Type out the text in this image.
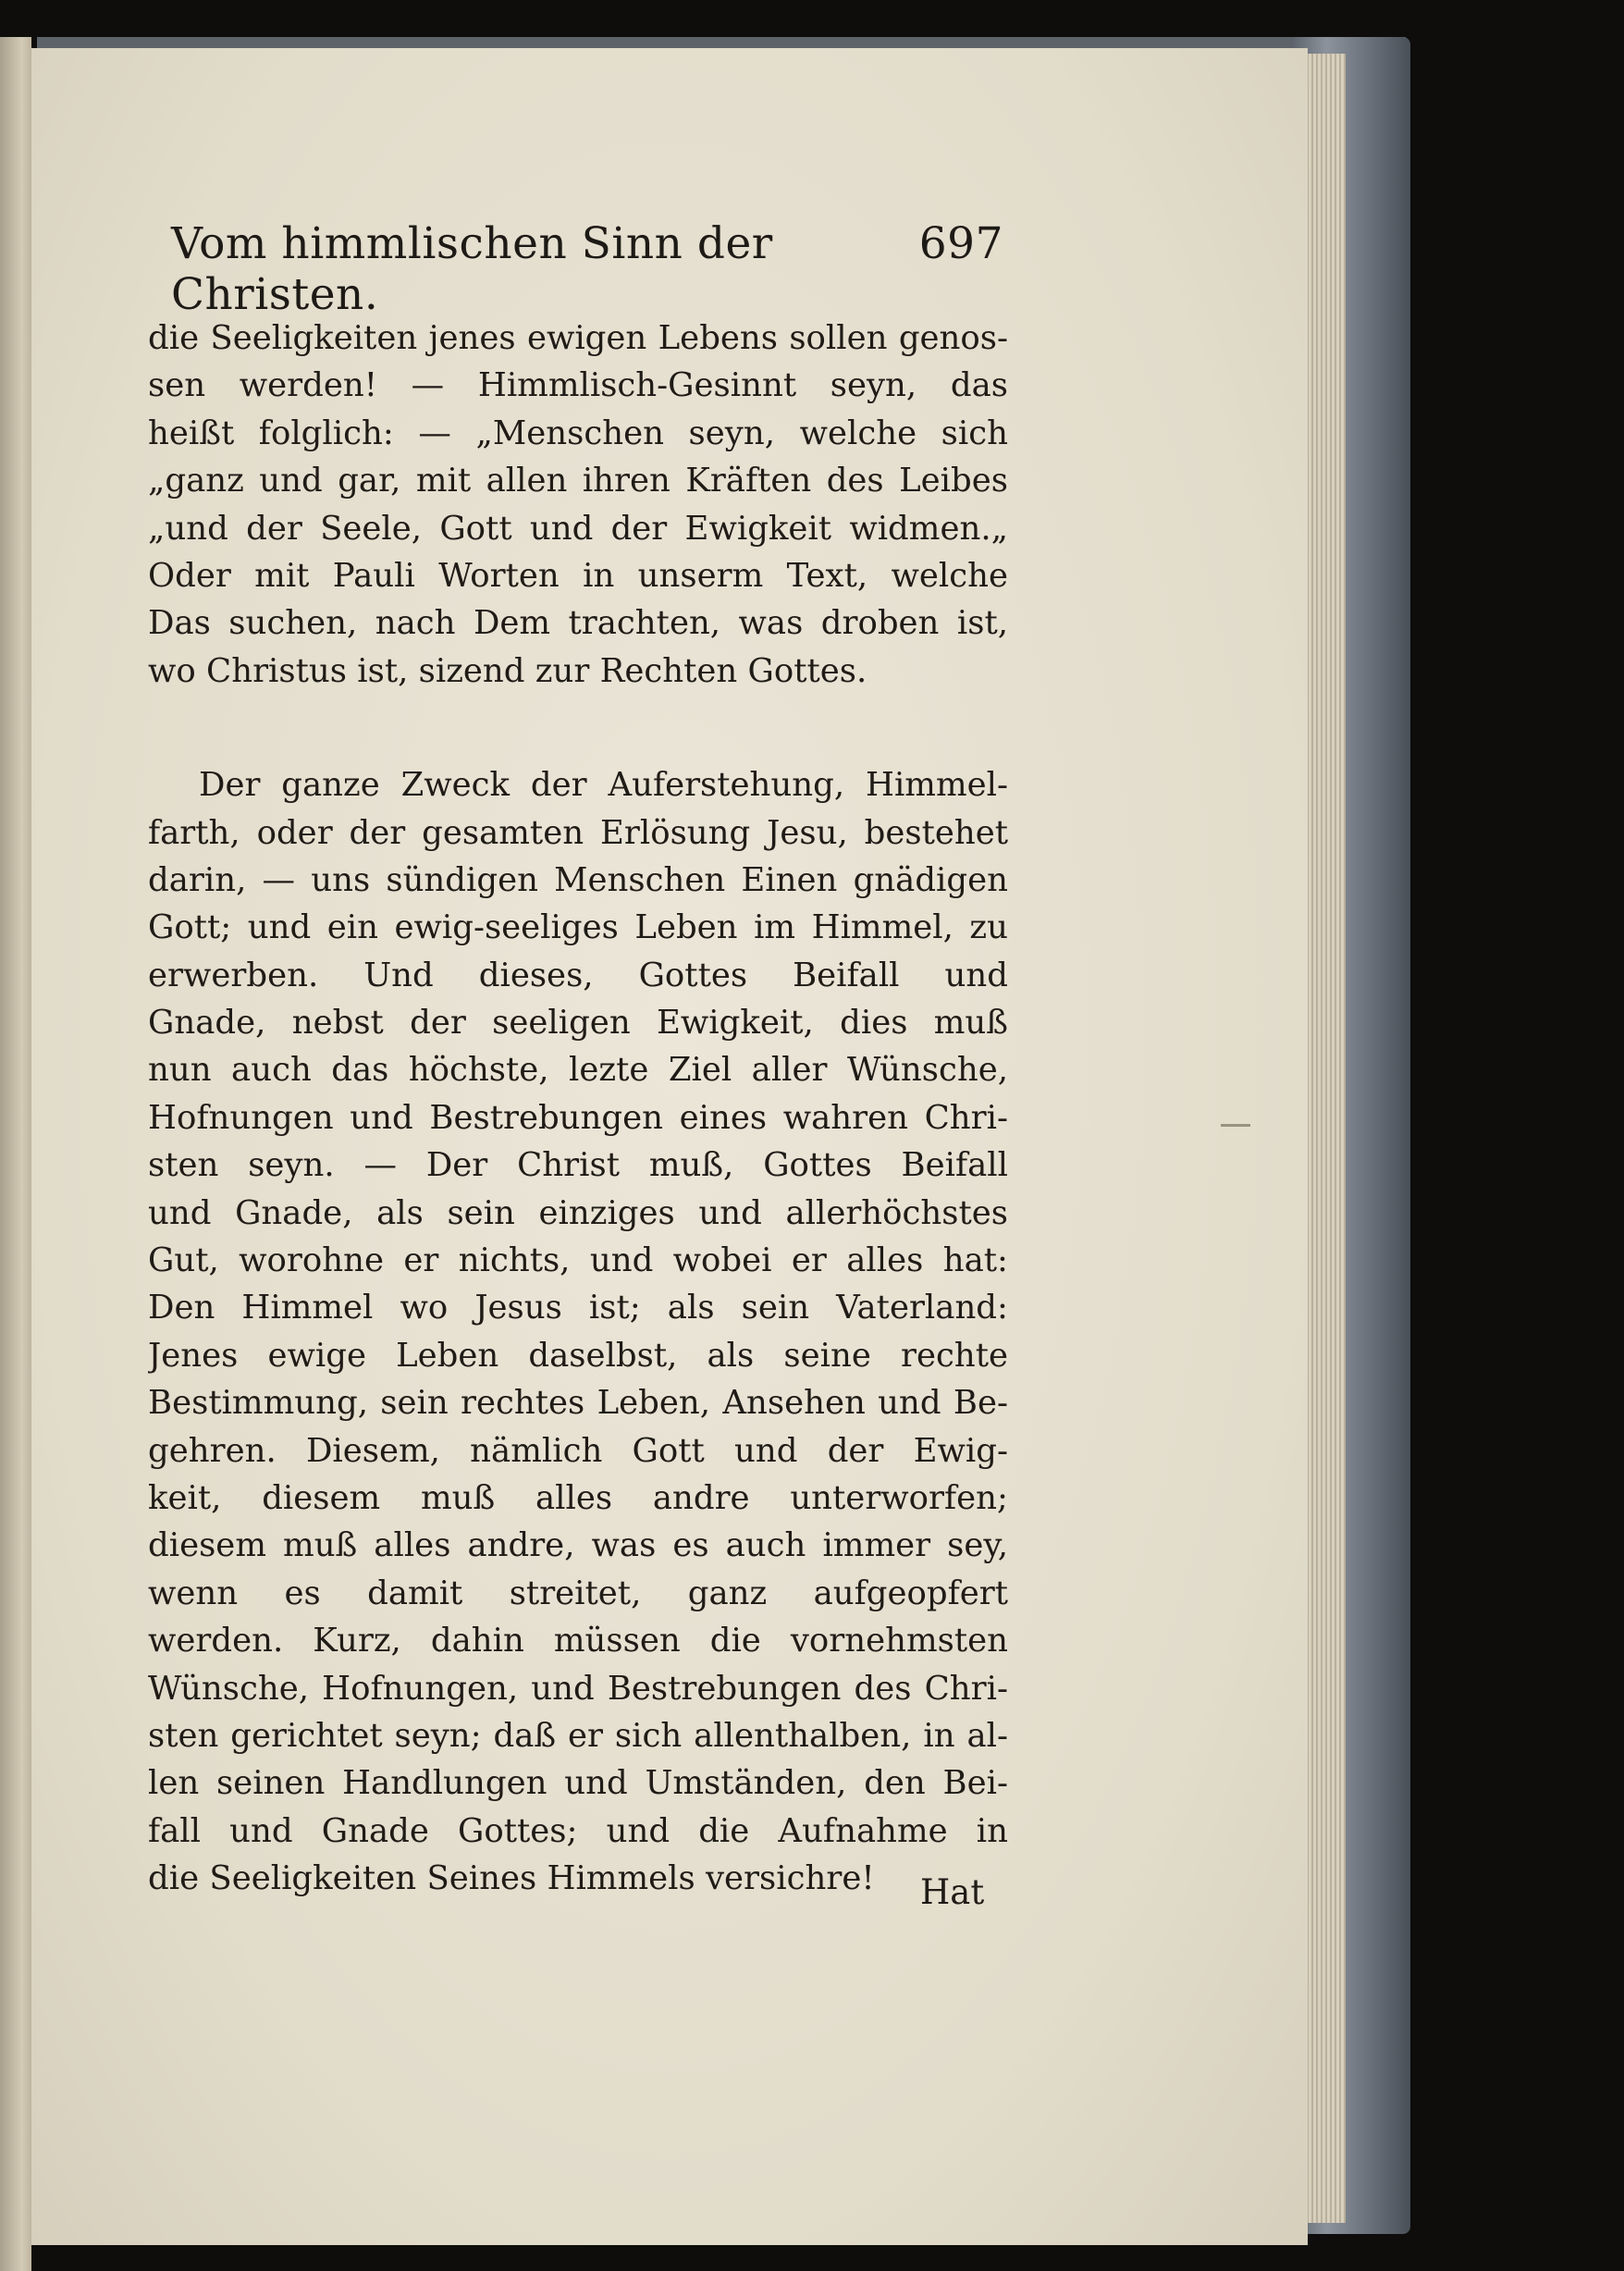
Vom himmlischen Sinn der Christen.
697
die Seeligkeiten jenes ewigen Lebens sollen genos-
sen werden! — Himmlisch-Gesinnt seyn, das
heißt folglich: — „Menschen seyn, welche sich
„ganz und gar, mit allen ihren Kräften des Leibes
„und der Seele, Gott und der Ewigkeit widmen.„
Oder mit Pauli Worten in unserm Text, welche
Das suchen, nach Dem trachten, was droben ist,
wo Christus ist, sizend zur Rechten Gottes.
Der ganze Zweck der Auferstehung, Himmel-
farth, oder der gesamten Erlösung Jesu, bestehet
darin, — uns sündigen Menschen Einen gnädigen
Gott; und ein ewig-seeliges Leben im Himmel, zu
erwerben. Und dieses, Gottes Beifall und
Gnade, nebst der seeligen Ewigkeit, dies muß
nun auch das höchste, lezte Ziel aller Wünsche,
Hofnungen und Bestrebungen eines wahren Chri-
sten seyn. — Der Christ muß, Gottes Beifall
und Gnade, als sein einziges und allerhöchstes
Gut, worohne er nichts, und wobei er alles hat:
Den Himmel wo Jesus ist; als sein Vaterland:
Jenes ewige Leben daselbst, als seine rechte
Bestimmung, sein rechtes Leben, Ansehen und Be-
gehren. Diesem, nämlich Gott und der Ewig-
keit, diesem muß alles andre unterworfen;
diesem muß alles andre, was es auch immer sey,
wenn es damit streitet, ganz aufgeopfert
werden. Kurz, dahin müssen die vornehmsten
Wünsche, Hofnungen, und Bestrebungen des Chri-
sten gerichtet seyn; daß er sich allenthalben, in al-
len seinen Handlungen und Umständen, den Bei-
fall und Gnade Gottes; und die Aufnahme in
die Seeligkeiten Seines Himmels versichre!	Hat
